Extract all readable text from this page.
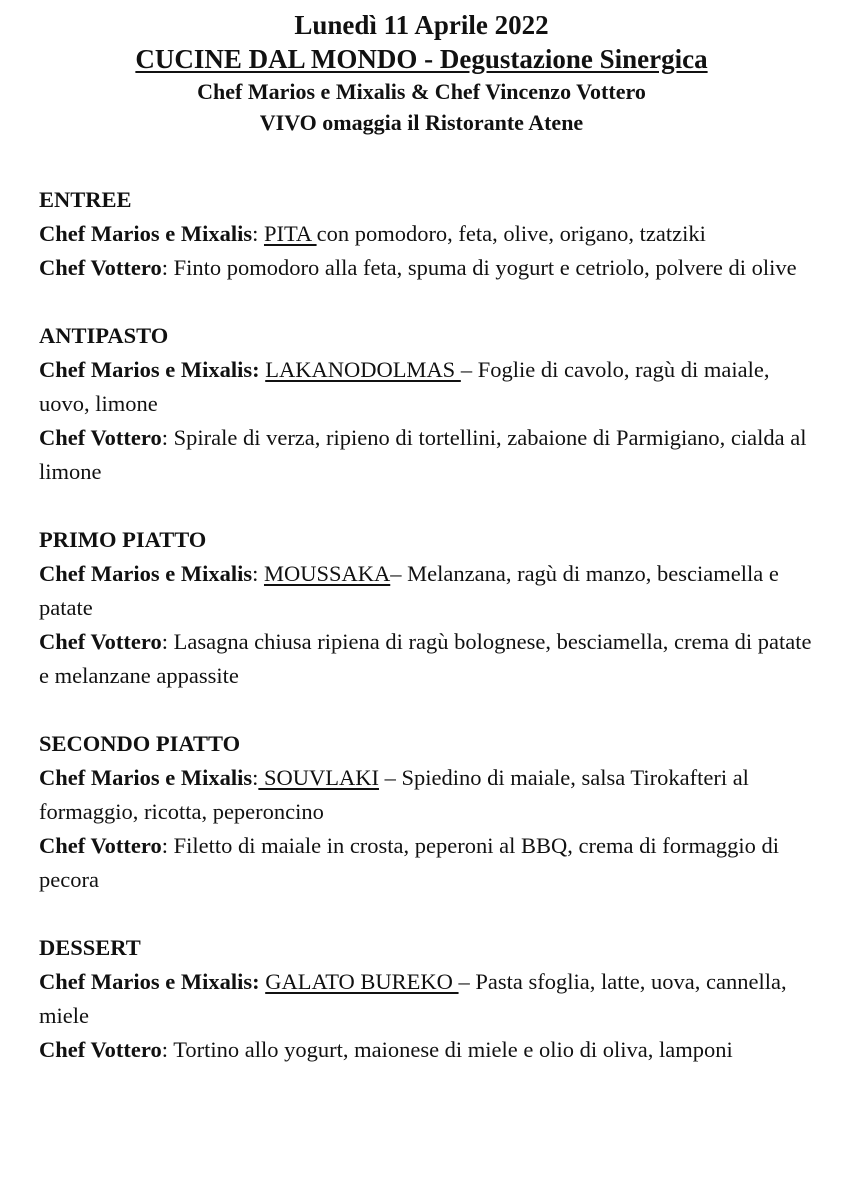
Lunedì 11 Aprile 2022
CUCINE DAL MONDO - Degustazione Sinergica
Chef Marios e Mixalis & Chef Vincenzo Vottero
VIVO omaggia il Ristorante Atene
ENTREE
Chef Marios e Mixalis: PITA con pomodoro, feta, olive, origano, tzatziki
Chef Vottero: Finto pomodoro alla feta, spuma di yogurt e cetriolo, polvere di olive
ANTIPASTO
Chef Marios e Mixalis: LAKANODOLMAS – Foglie di cavolo, ragù di maiale, uovo, limone
Chef Vottero: Spirale di verza, ripieno di tortellini, zabaione di Parmigiano, cialda al limone
PRIMO PIATTO
Chef Marios e Mixalis: MOUSSAKA– Melanzana, ragù di manzo, besciamella e patate
Chef Vottero: Lasagna chiusa ripiena di ragù bolognese, besciamella, crema di patate e melanzane appassite
SECONDO PIATTO
Chef Marios e Mixalis: SOUVLAKI – Spiedino di maiale, salsa Tirokafteri al formaggio, ricotta, peperoncino
Chef Vottero: Filetto di maiale in crosta, peperoni al BBQ, crema di formaggio di pecora
DESSERT
Chef Marios e Mixalis: GALATO BUREKO – Pasta sfoglia, latte, uova, cannella, miele
Chef Vottero: Tortino allo yogurt, maionese di miele e olio di oliva, lamponi
